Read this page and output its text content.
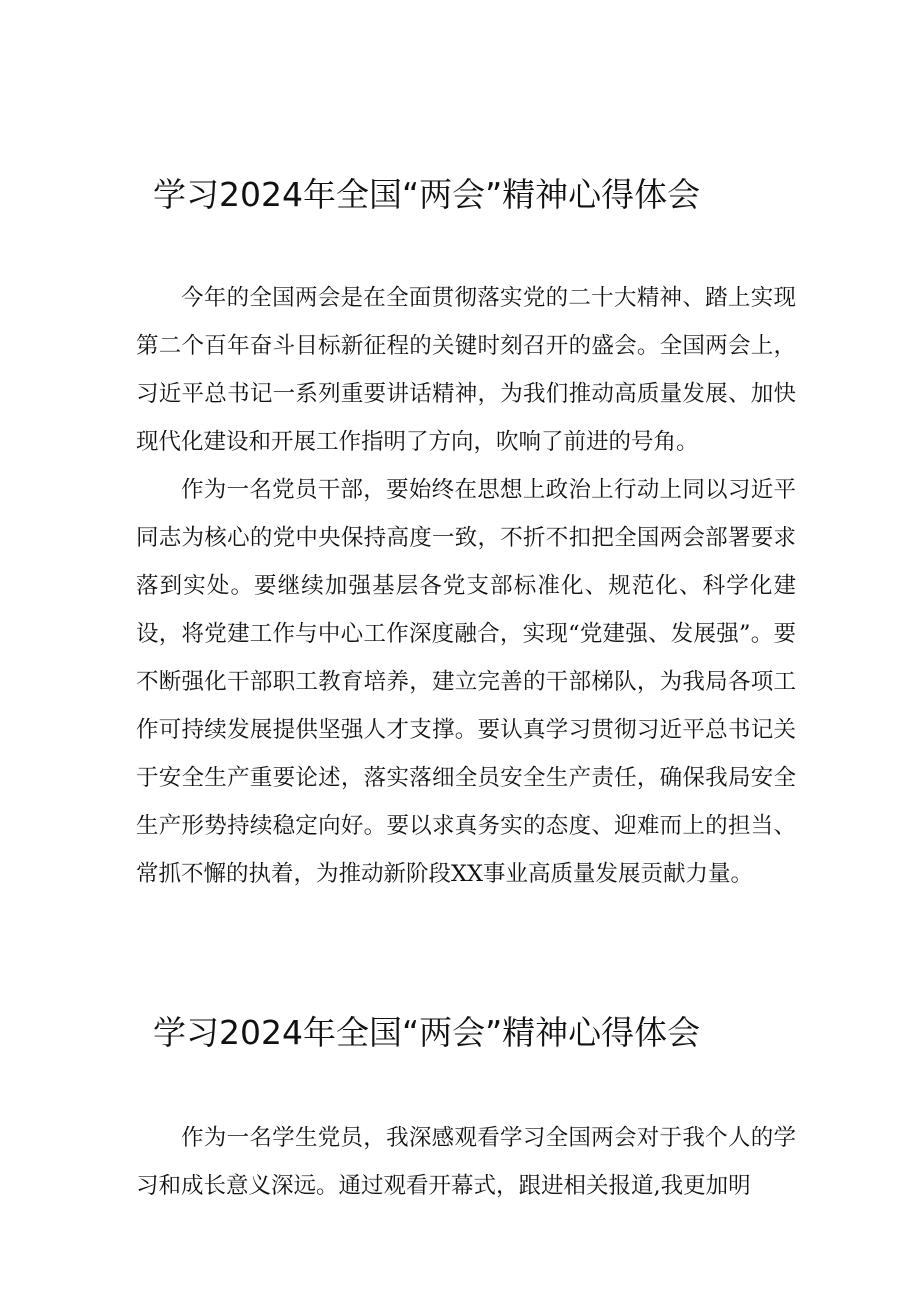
学习2024年全国“两会”精神心得体会

今年的全国两会是在全面贯彻落实党的二十大精神、踏上实现第二个百年奋斗目标新征程的关键时刻召开的盛会。全国两会上，习近平总书记一系列重要讲话精神，为我们推动高质量发展、加快现代化建设和开展工作指明了方向，吹响了前进的号角。

作为一名党员干部，要始终在思想上政治上行动上同以习近平同志为核心的党中央保持高度一致，不折不扣把全国两会部署要求落到实处。要继续加强基层各党支部标准化、规范化、科学化建设，将党建工作与中心工作深度融合，实现“党建强、发展强”。要不断强化干部职工教育培养，建立完善的干部梯队，为我局各项工作可持续发展提供坚强人才支撑。要认真学习贯彻习近平总书记关于安全生产重要论述，落实落细全员安全生产责任，确保我局安全生产形势持续稳定向好。要以求真务实的态度、迎难而上的担当、常抓不懈的执着，为推动新阶段XX事业高质量发展贡献力量。

学习2024年全国“两会”精神心得体会

作为一名学生党员，我深感观看学习全国两会对于我个人的学习和成长意义深远。通过观看开幕式，跟进相关报道,我更加明
